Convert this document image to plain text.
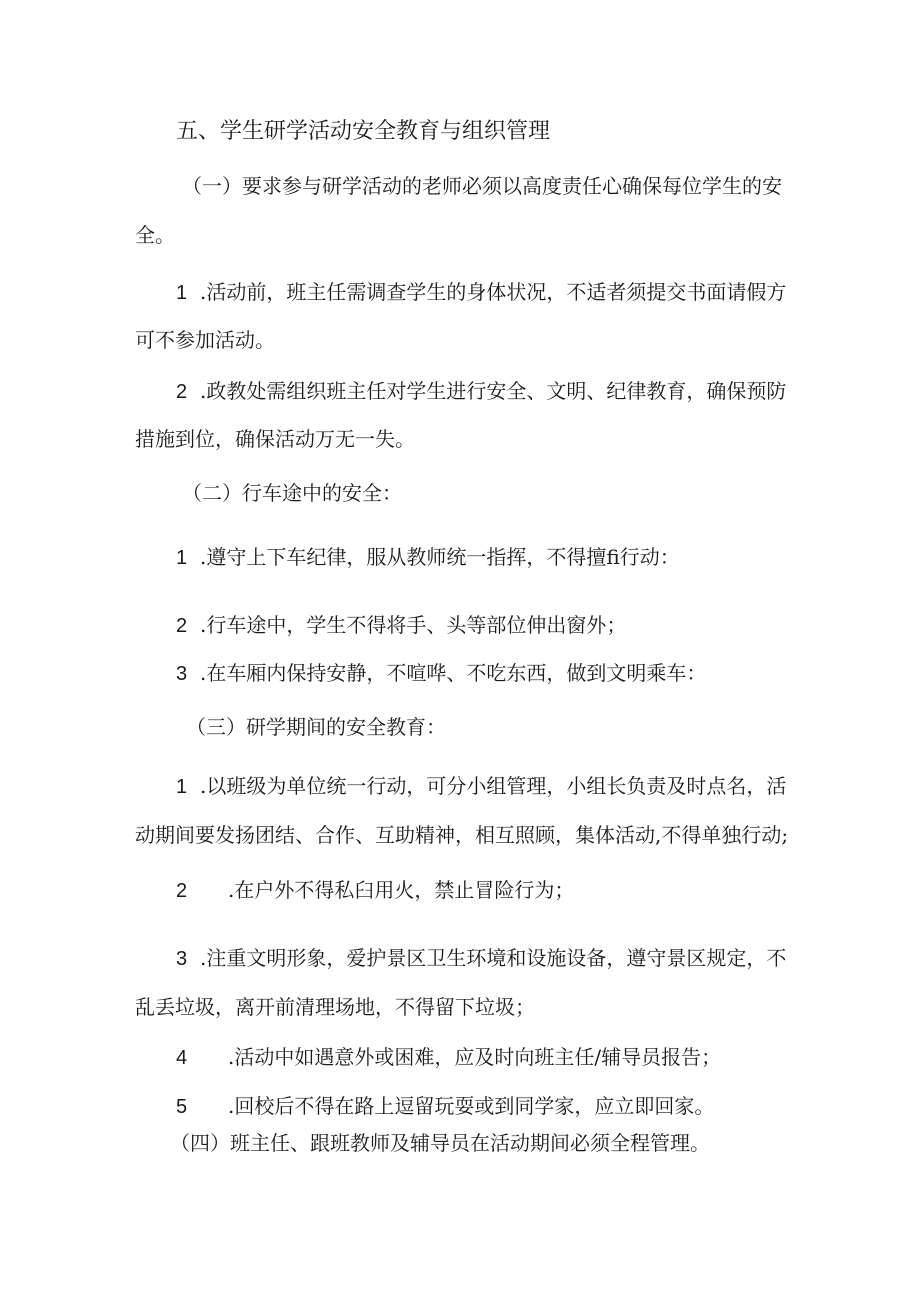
五、学生研学活动安全教育与组织管理
（一）要求参与研学活动的老师必须以高度责任心确保每位学生的安
全。
1 .活动前，班主任需调查学生的身体状况，不适者须提交书面请假方
可不参加活动。
2 .政教处需组织班主任对学生进行安全、文明、纪律教育，确保预防
措施到位，确保活动万无一失。
（二）行车途中的安全：
1 .遵守上下车纪律，服从教师统一指挥，不得擅fi行动：
2 .行车途中，学生不得将手、头等部位伸出窗外；
3 .在车厢内保持安静，不喧哗、不吃东西，做到文明乘车：
（三）研学期间的安全教育：
1 .以班级为单位统一行动，可分小组管理，小组长负责及时点名，活
动期间要发扬团结、合作、互助精神，相互照顾，集体活动,不得单独行动;
2 .在户外不得私臼用火，禁止冒险行为；
3 .注重文明形象，爱护景区卫生环境和设施设备，遵守景区规定，不
乱丢垃圾，离开前清理场地，不得留下垃圾；
4 .活动中如遇意外或困难，应及时向班主任/辅导员报告；
5 .回校后不得在路上逗留玩耍或到同学家，应立即回家。
（四）班主任、跟班教师及辅导员在活动期间必须全程管理。
